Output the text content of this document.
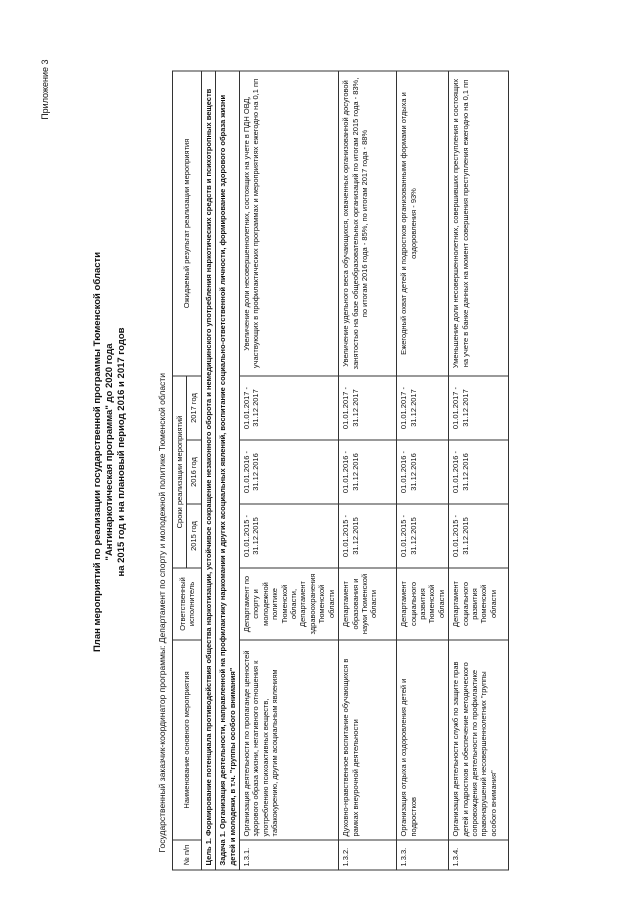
Приложение 3
План мероприятий по реализации государственной программы Тюменской области "Антинаркотическая программа" до 2020 года на 2015 год и на плановый период 2016 и 2017 годов	Государственный заказчик-координатор программы: Департамент по спорту и молодежной политике Тюменской области
№ п/п	Наименование основного мероприятия	Ответственный исполнитель	Сроки реализации мероприятий			Ожидаемый результат реализации мероприятия
			2015 год	2016 год	2017 год	
Цель 1. Формирование потенциала противодействия общества наркотизации, устойчивое сокращение незаконного оборота и немедицинского употребления наркотических средств и психотропных веществ						
Задача 1. Организация деятельности, направленной на профилактику наркомании и других асоциальных явлений, воспитание социально-ответственной личности, формирование здорового образа жизни детей и молодежи, в т.ч. "группы особого внимания"						
1.3.1.	Организация деятельности по пропаганде ценностей здорового образа жизни, негативного отношения к употреблению психоактивных веществ, табакокурению, другим асоциальным явлениям	Департамент по спорту и молодежной политике Тюменской области, Департамент здравоохранения Тюменской области	01.01.2015 - 31.12.2015	01.01.2016 - 31.12.2016	01.01.2017 - 31.12.2017	Увеличение доли несовершеннолетних, состоящих на учете в ПДН ОВД, участвующих в профилактических программах и мероприятиях ежегодно на 0,1 пп
1.3.2.	Духовно-нравственное воспитание обучающихся в рамках внеурочной деятельности	Департамент образования и науки Тюменской области	01.01.2015 - 31.12.2015	01.01.2016 - 31.12.2016	01.01.2017 - 31.12.2017	Увеличение удельного веса обучающихся, охваченных организованной досуговой занятостью на базе общеобразовательных организаций по итогам 2015 года - 83%, по итогам 2016 года - 85%, по итогам 2017 года - 88%
1.3.3.	Организация отдыха и оздоровления детей и подростков	Департамент социального развития Тюменской области	01.01.2015 - 31.12.2015	01.01.2016 - 31.12.2016	01.01.2017 - 31.12.2017	Ежегодный охват детей и подростков организованными формами отдыха и оздоровления - 93%
1.3.4.	Организация деятельности служб по защите прав детей и подростков и обеспечение методического сопровождения деятельности по профилактике правонарушений несовершеннолетних "группы особого внимания"	Департамент социального развития Тюменской области	01.01.2015 - 31.12.2015	01.01.2016 - 31.12.2016	01.01.2017 - 31.12.2017	Уменьшение доли несовершеннолетних, совершивших преступления и состоящих на учете в банке данных на момент совершения преступления ежегодно на 0,1 пп
